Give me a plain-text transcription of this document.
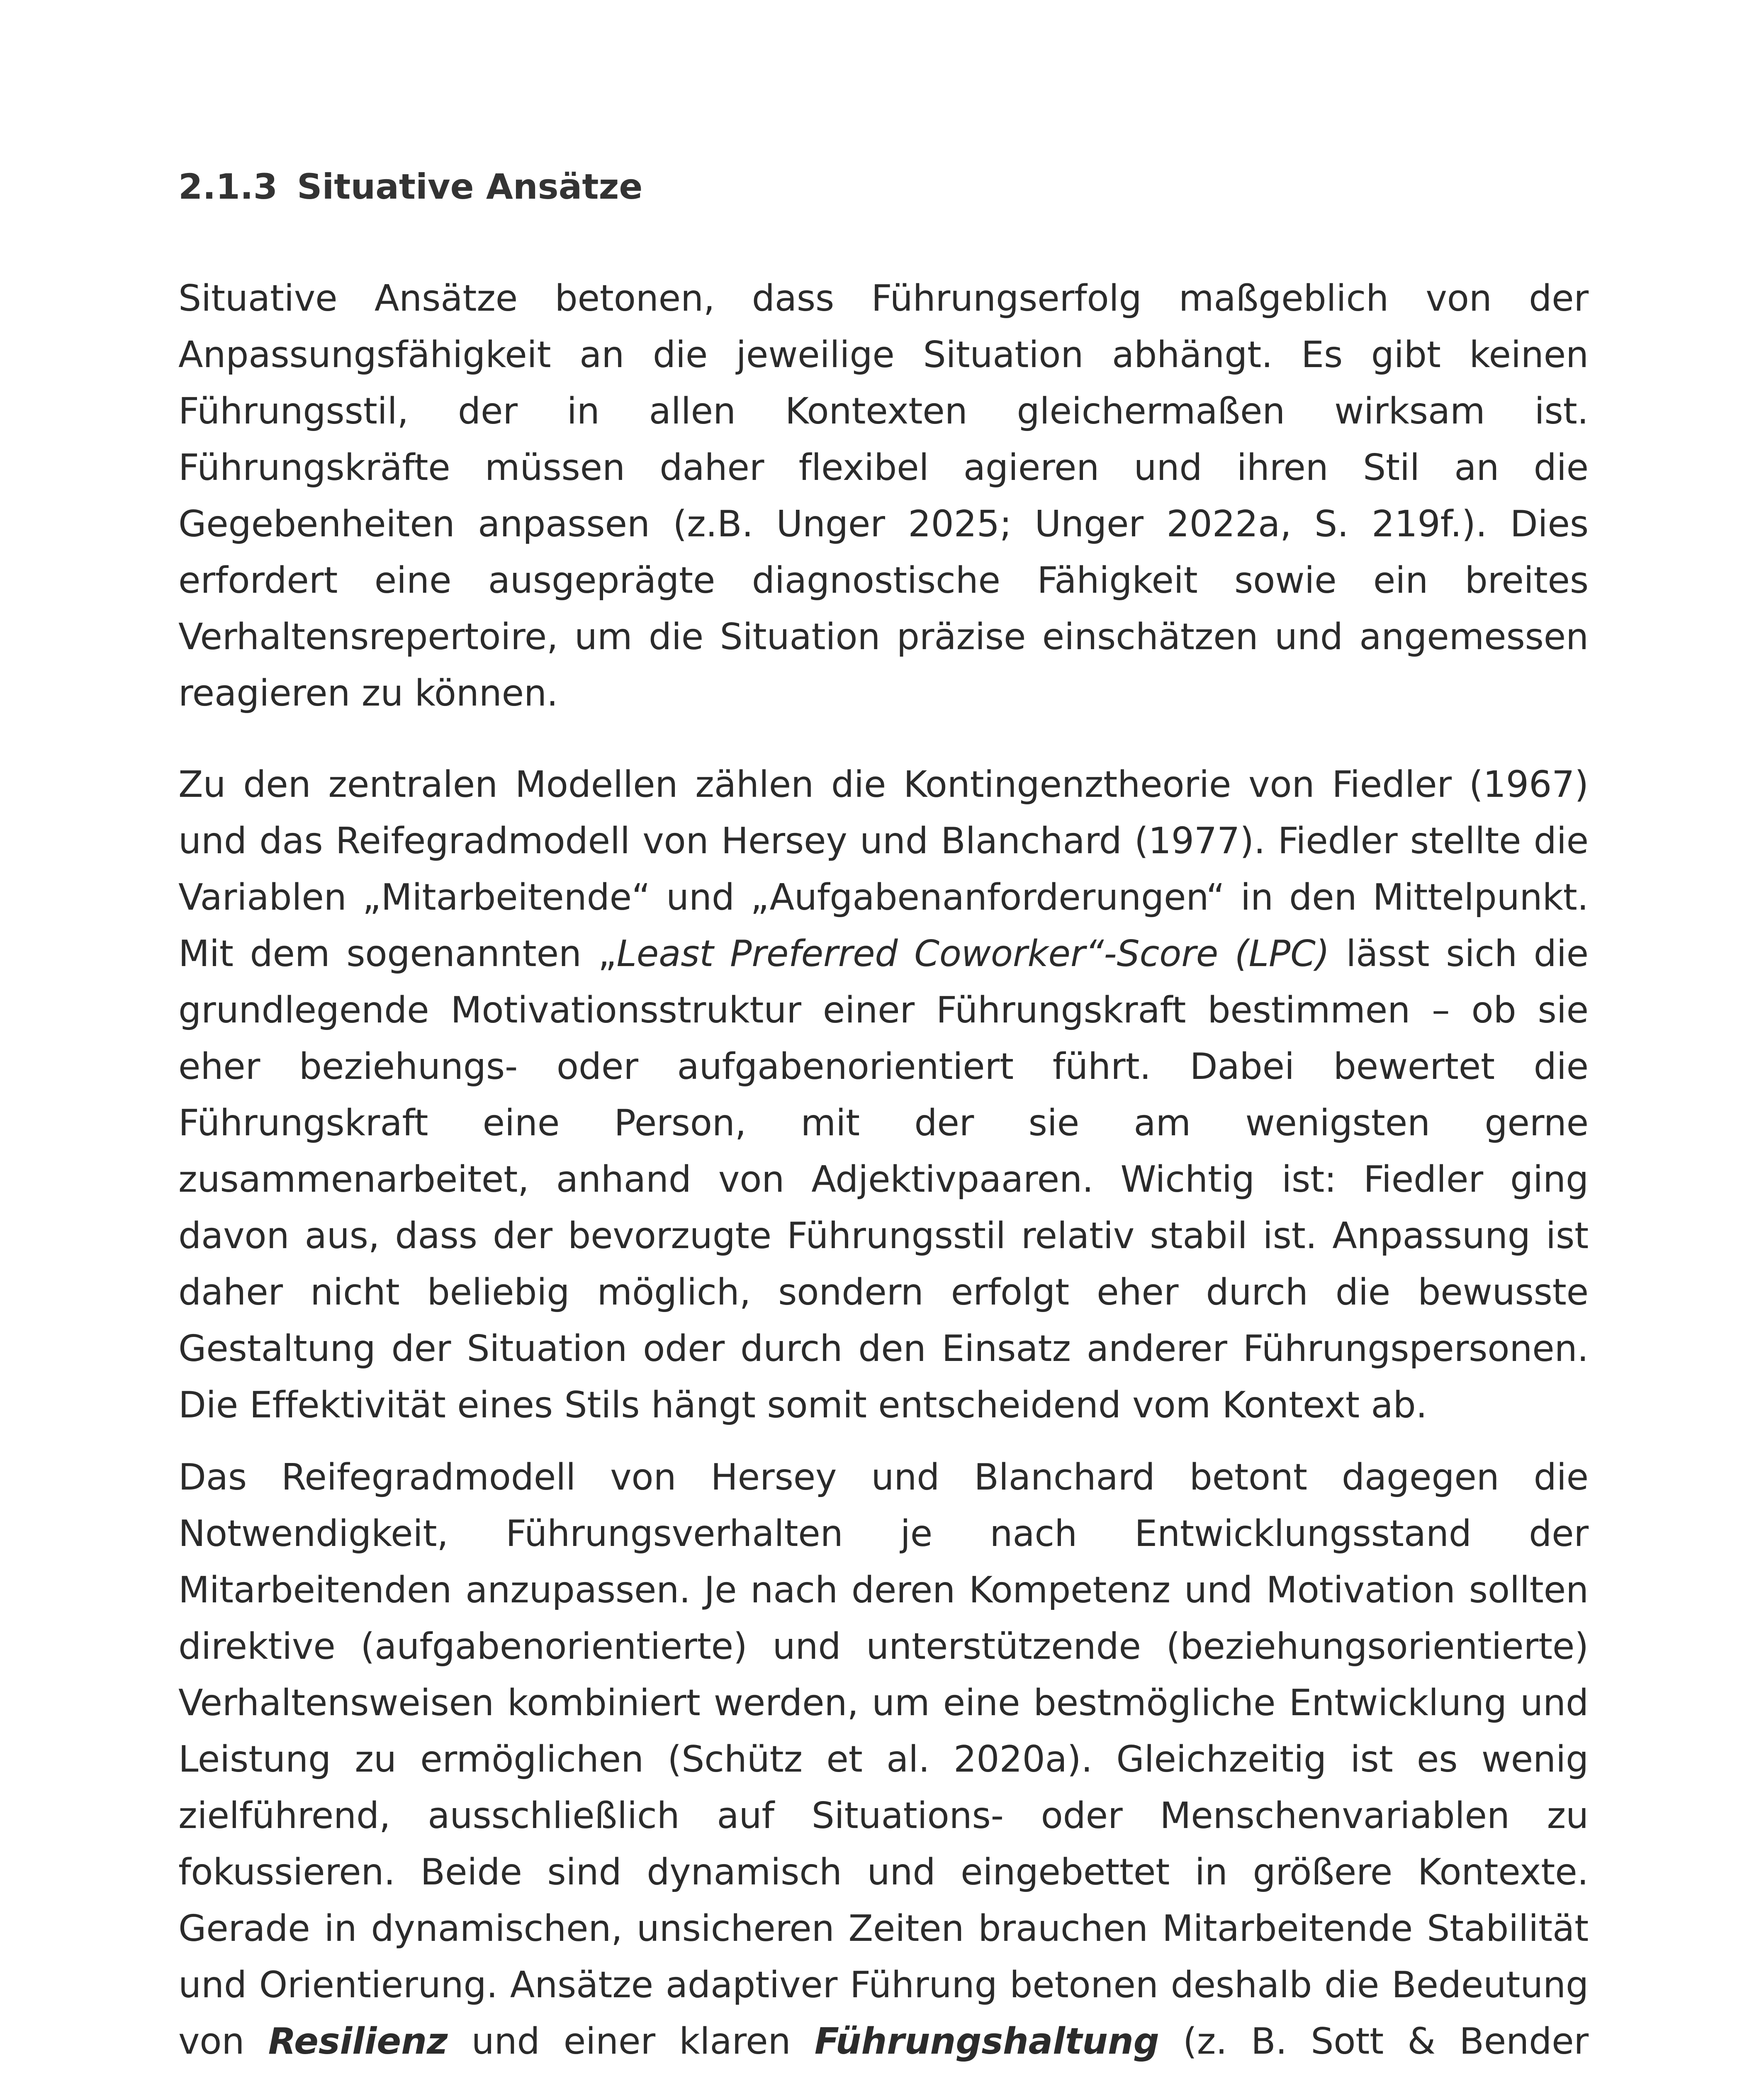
2.1.3 Situative Ansätze

Situative Ansätze betonen, dass Führungserfolg maßgeblich von der Anpassungsfähigkeit an die jeweilige Situation abhängt. Es gibt keinen Führungsstil, der in allen Kontexten gleichermaßen wirksam ist. Führungskräfte müssen daher flexibel agieren und ihren Stil an die Gegebenheiten anpassen (z.B. Unger 2025; Unger 2022a, S. 219f.). Dies erfordert eine ausgeprägte diagnostische Fähigkeit sowie ein breites Verhaltensrepertoire, um die Situation präzise einschätzen und angemessen reagieren zu können.

Zu den zentralen Modellen zählen die Kontingenztheorie von Fiedler (1967) und das Reifegradmodell von Hersey und Blanchard (1977). Fiedler stellte die Variablen „Mitarbeitende“ und „Aufgabenanforderungen“ in den Mittelpunkt. Mit dem sogenannten „Least Preferred Coworker“-Score (LPC) lässt sich die grundlegende Motivationsstruktur einer Führungskraft bestimmen – ob sie eher beziehungs- oder aufgabenorientiert führt. Dabei bewertet die Führungskraft eine Person, mit der sie am wenigsten gerne zusammenarbeitet, anhand von Adjektivpaaren. Wichtig ist: Fiedler ging davon aus, dass der bevorzugte Führungsstil relativ stabil ist. Anpassung ist daher nicht beliebig möglich, sondern erfolgt eher durch die bewusste Gestaltung der Situation oder durch den Einsatz anderer Führungspersonen. Die Effektivität eines Stils hängt somit entscheidend vom Kontext ab.

Das Reifegradmodell von Hersey und Blanchard betont dagegen die Notwendigkeit, Führungsverhalten je nach Entwicklungsstand der Mitarbeitenden anzupassen. Je nach deren Kompetenz und Motivation sollten direktive (aufgabenorientierte) und unterstützende (beziehungsorientierte) Verhaltensweisen kombiniert werden, um eine bestmögliche Entwicklung und Leistung zu ermöglichen (Schütz et al. 2020a). Gleichzeitig ist es wenig zielführend, ausschließlich auf Situations- oder Menschenvariablen zu fokussieren. Beide sind dynamisch und eingebettet in größere Kontexte. Gerade in dynamischen, unsicheren Zeiten brauchen Mitarbeitende Stabilität und Orientierung. Ansätze adaptiver Führung betonen deshalb die Bedeutung von Resilienz und einer klaren Führungshaltung (z. B. Sott & Bender
